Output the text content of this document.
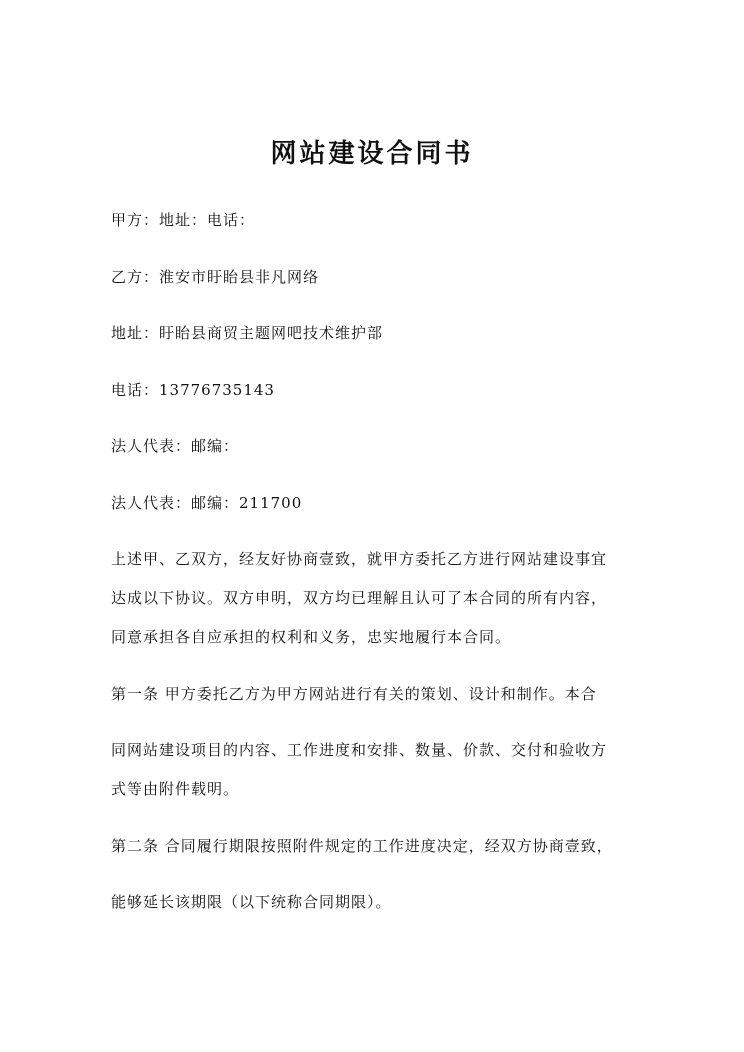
网站建设合同书
甲方：地址：电话：
乙方：淮安市盱眙县非凡网络
地址：盱眙县商贸主题网吧技术维护部
电话：13776735143
法人代表：邮编：
法人代表：邮编：211700
上述甲、乙双方，经友好协商壹致，就甲方委托乙方进行网站建设事宜
达成以下协议。双方申明，双方均已理解且认可了本合同的所有内容，
同意承担各自应承担的权利和义务，忠实地履行本合同。
第一条 甲方委托乙方为甲方网站进行有关的策划、设计和制作。本合
同网站建设项目的内容、工作进度和安排、数量、价款、交付和验收方
式等由附件载明。
第二条 合同履行期限按照附件规定的工作进度决定，经双方协商壹致，
能够延长该期限（以下统称合同期限）。
